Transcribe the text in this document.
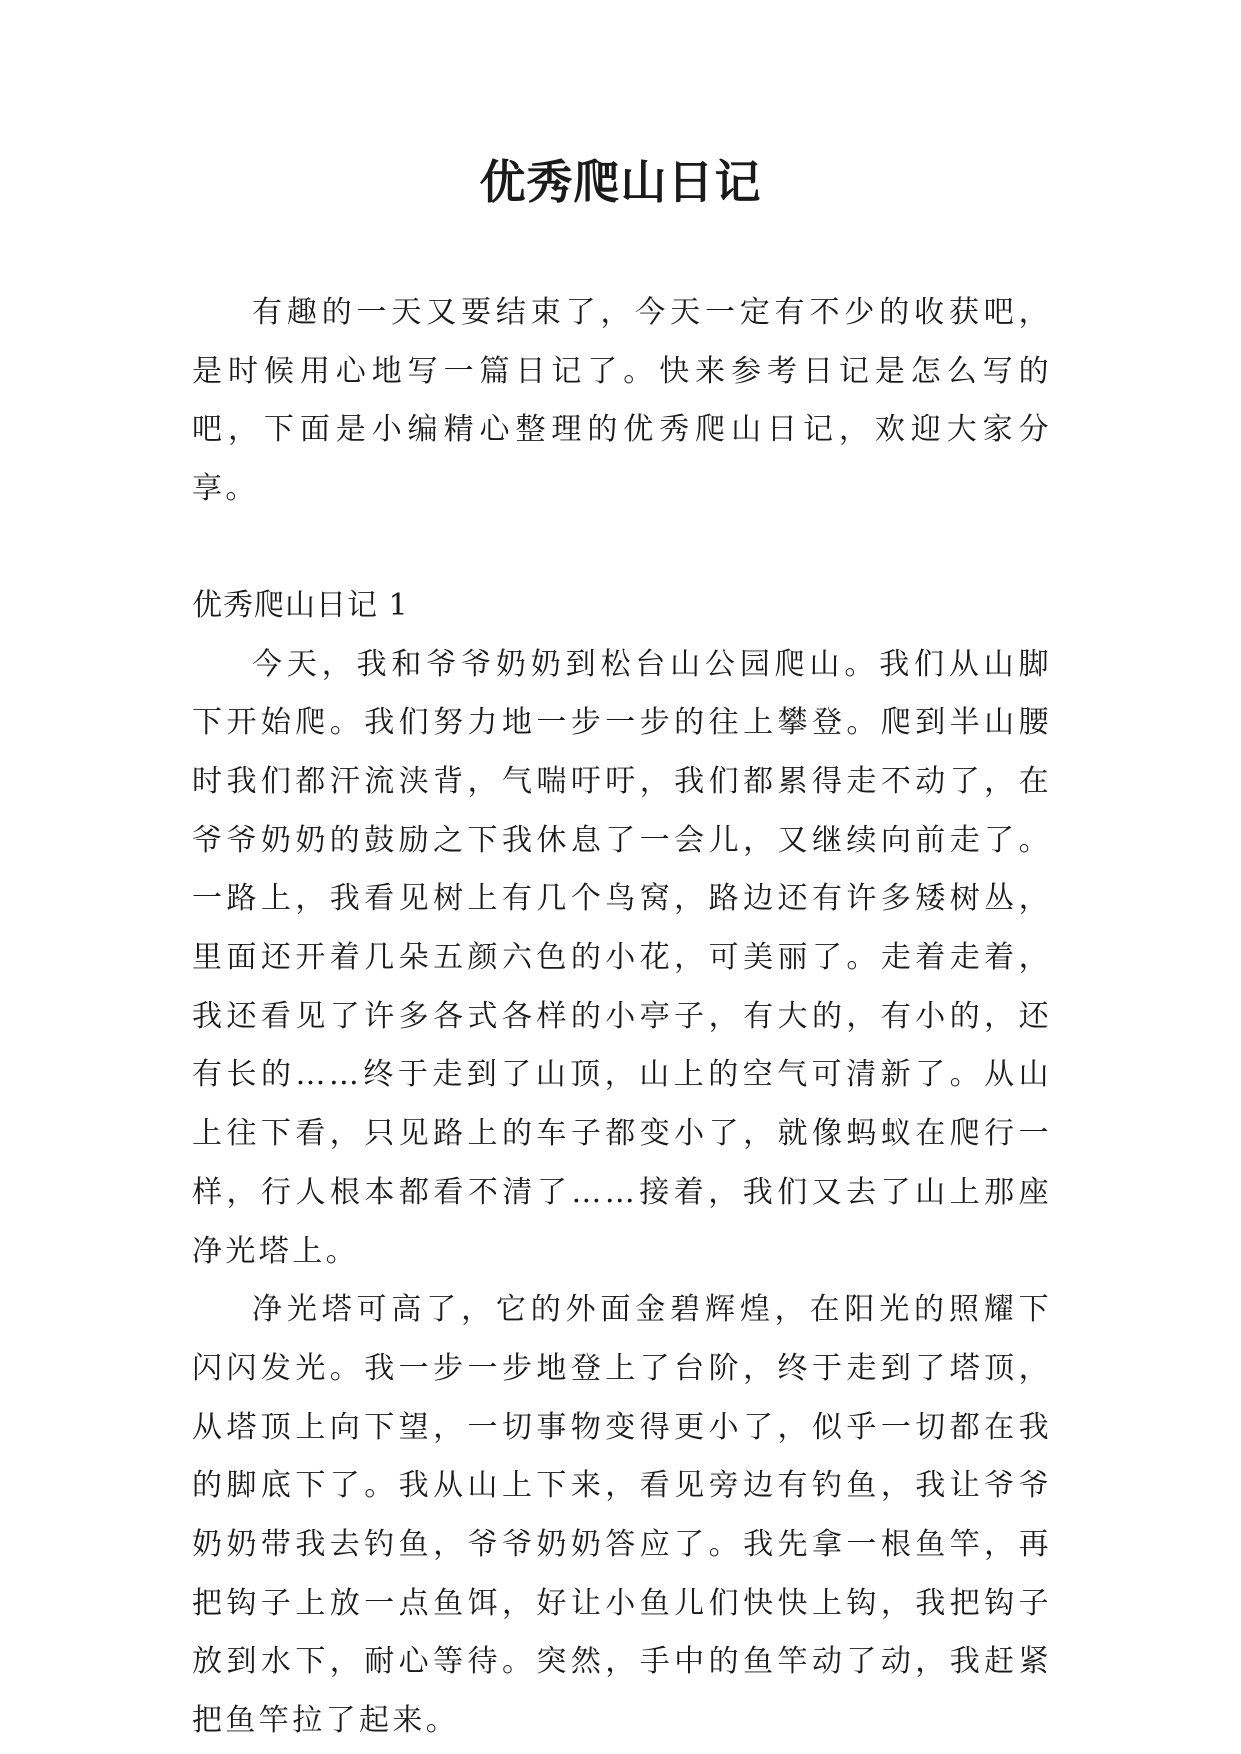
优秀爬山日记

有趣的一天又要结束了，今天一定有不少的收获吧，是时候用心地写一篇日记了。快来参考日记是怎么写的吧，下面是小编精心整理的优秀爬山日记，欢迎大家分享。

优秀爬山日记 1

今天，我和爷爷奶奶到松台山公园爬山。我们从山脚下开始爬。我们努力地一步一步的往上攀登。爬到半山腰时我们都汗流浃背，气喘吁吁，我们都累得走不动了，在爷爷奶奶的鼓励之下我休息了一会儿，又继续向前走了。一路上，我看见树上有几个鸟窝，路边还有许多矮树丛，里面还开着几朵五颜六色的小花，可美丽了。走着走着，我还看见了许多各式各样的小亭子，有大的，有小的，还有长的……终于走到了山顶，山上的空气可清新了。从山上往下看，只见路上的车子都变小了，就像蚂蚁在爬行一样，行人根本都看不清了……接着，我们又去了山上那座净光塔上。

净光塔可高了，它的外面金碧辉煌，在阳光的照耀下闪闪发光。我一步一步地登上了台阶，终于走到了塔顶，从塔顶上向下望，一切事物变得更小了，似乎一切都在我的脚底下了。我从山上下来，看见旁边有钓鱼，我让爷爷奶奶带我去钓鱼，爷爷奶奶答应了。我先拿一根鱼竿，再把钩子上放一点鱼饵，好让小鱼儿们快快上钩，我把钩子放到水下，耐心等待。突然，手中的鱼竿动了动，我赶紧把鱼竿拉了起来。
